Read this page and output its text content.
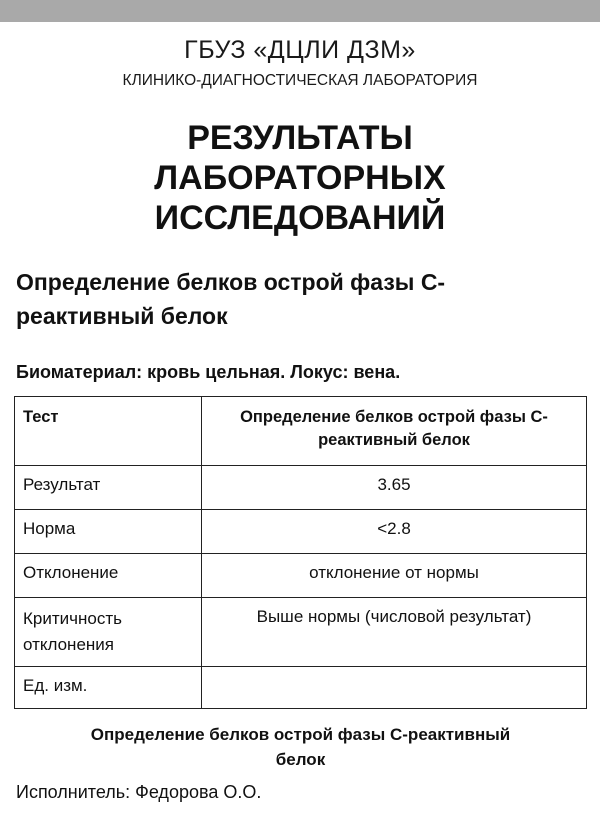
ГБУЗ «ДЦЛИ ДЗМ»
КЛИНИКО-ДИАГНОСТИЧЕСКАЯ ЛАБОРАТОРИЯ
РЕЗУЛЬТАТЫ
ЛАБОРАТОРНЫХ
ИССЛЕДОВАНИЙ
Определение белков острой фазы С-
реактивный белок
Биоматериал: кровь цельная. Локус: вена.
Тест	Определение белков острой фазы С-
реактивный белок

Результат	3.65
Норма	<2.8
Отклонение	отклонение от нормы

Критичность
отклонения	Выше нормы (числовой результат)
Ед. изм.	
Определение белков острой фазы С-реактивный
белок
Исполнитель: Федорова О.О.
